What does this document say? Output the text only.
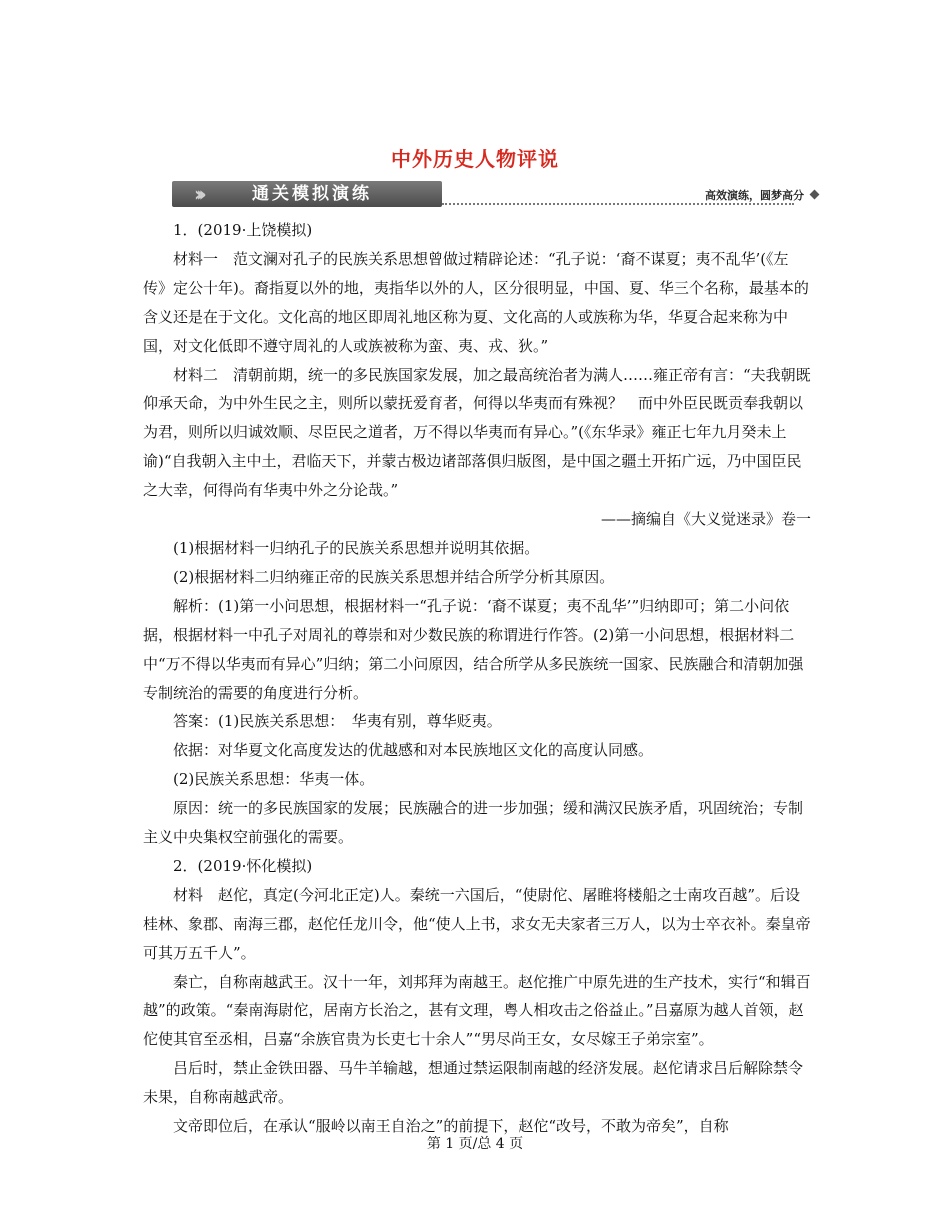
中外历史人物评说
›››	通关模拟演练	高效演练，圆梦高分

1．(2019·上饶模拟)

材料一　范文澜对孔子的民族关系思想曾做过精辟论述：“孔子说：‘裔不谋夏；夷不乱华’(《左传》定公十年)。裔指夏以外的地，夷指华以外的人，区分很明显，中国、夏、华三个名称，最基本的含义还是在于文化。文化高的地区即周礼地区称为夏、文化高的人或族称为华，华夏合起来称为中国，对文化低即不遵守周礼的人或族被称为蛮、夷、戎、狄。”

材料二　清朝前期，统一的多民族国家发展，加之最高统治者为满人……雍正帝有言：“夫我朝既仰承天命，为中外生民之主，则所以蒙抚爱育者，何得以华夷而有殊视？　而中外臣民既贡奉我朝以为君，则所以归诚效顺、尽臣民之道者，万不得以华夷而有异心。”(《东华录》雍正七年九月癸未上谕)“自我朝入主中土，君临天下，并蒙古极边诸部落俱归版图，是中国之疆土开拓广远，乃中国臣民之大幸，何得尚有华夷中外之分论哉。”

——摘编自《大义觉迷录》卷一

(1)根据材料一归纳孔子的民族关系思想并说明其依据。

(2)根据材料二归纳雍正帝的民族关系思想并结合所学分析其原因。

解析：(1)第一小问思想，根据材料一“孔子说：‘裔不谋夏；夷不乱华’”归纳即可；第二小问依据，根据材料一中孔子对周礼的尊崇和对少数民族的称谓进行作答。(2)第一小问思想，根据材料二中“万不得以华夷而有异心”归纳；第二小问原因，结合所学从多民族统一国家、民族融合和清朝加强专制统治的需要的角度进行分析。

答案：(1)民族关系思想：　华夷有别，尊华贬夷。

依据：对华夏文化高度发达的优越感和对本民族地区文化的高度认同感。

(2)民族关系思想：华夷一体。

原因：统一的多民族国家的发展；民族融合的进一步加强；缓和满汉民族矛盾，巩固统治；专制主义中央集权空前强化的需要。

2．(2019·怀化模拟)

材料　赵佗，真定(今河北正定)人。秦统一六国后，“使尉佗、屠睢将楼船之士南攻百越”。后设桂林、象郡、南海三郡，赵佗任龙川令，他“使人上书，求女无夫家者三万人，以为士卒衣补。秦皇帝可其万五千人”。

秦亡，自称南越武王。汉十一年，刘邦拜为南越王。赵佗推广中原先进的生产技术，实行“和辑百越”的政策。“秦南海尉佗，居南方长治之，甚有文理，粤人相攻击之俗益止。”吕嘉原为越人首领，赵佗使其官至丞相，吕嘉“余族官贵为长吏七十余人”“男尽尚王女，女尽嫁王子弟宗室”。

吕后时，禁止金铁田器、马牛羊输越，想通过禁运限制南越的经济发展。赵佗请求吕后解除禁令未果，自称南越武帝。

文帝即位后，在承认“服岭以南王自治之”的前提下，赵佗“改号，不敢为帝矣”，自称

第 1 页/总 4 页
